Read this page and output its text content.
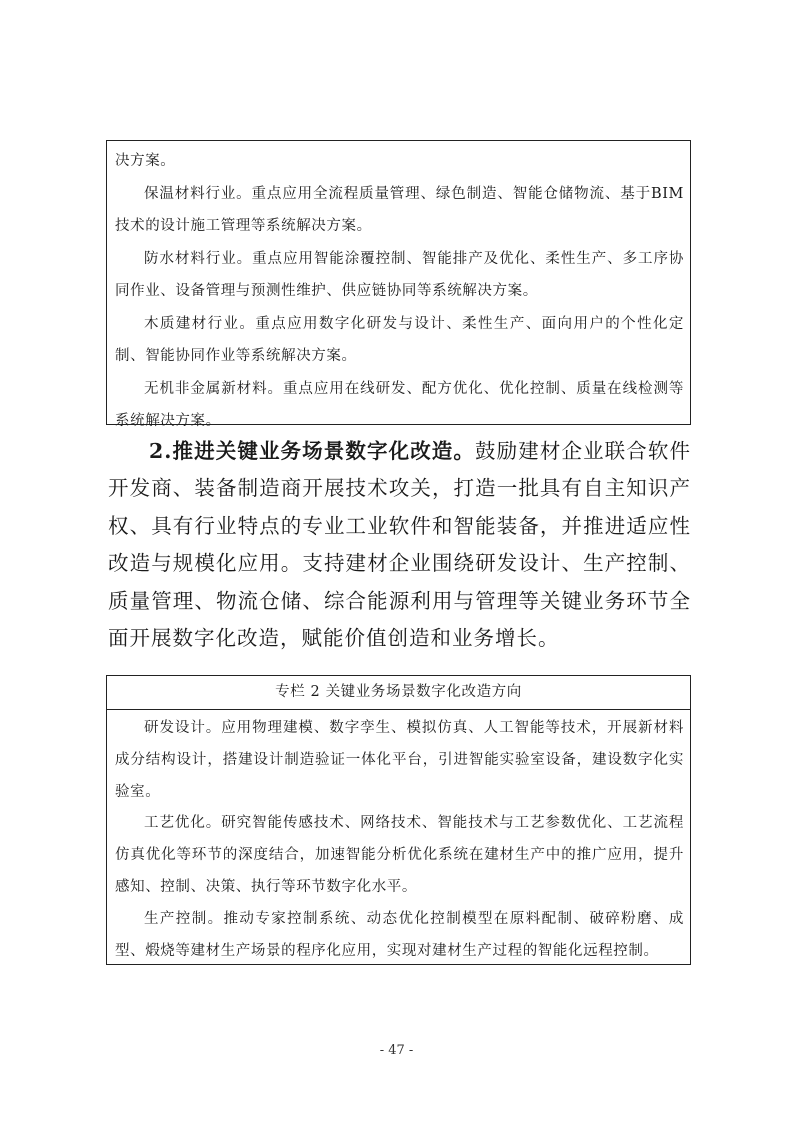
决方案。

保温材料行业。重点应用全流程质量管理、绿色制造、智能仓储物流、基于BIM 技术的设计施工管理等系统解决方案。

防水材料行业。重点应用智能涂覆控制、智能排产及优化、柔性生产、多工序协同作业、设备管理与预测性维护、供应链协同等系统解决方案。

木质建材行业。重点应用数字化研发与设计、柔性生产、面向用户的个性化定制、智能协同作业等系统解决方案。

无机非金属新材料。重点应用在线研发、配方优化、优化控制、质量在线检测等系统解决方案。

2.推进关键业务场景数字化改造。鼓励建材企业联合软件开发商、装备制造商开展技术攻关，打造一批具有自主知识产权、具有行业特点的专业工业软件和智能装备，并推进适应性改造与规模化应用。支持建材企业围绕研发设计、生产控制、质量管理、物流仓储、综合能源利用与管理等关键业务环节全面开展数字化改造，赋能价值创造和业务增长。

专栏 2 关键业务场景数字化改造方向

研发设计。应用物理建模、数字孪生、模拟仿真、人工智能等技术，开展新材料成分结构设计，搭建设计制造验证一体化平台，引进智能实验室设备，建设数字化实验室。

工艺优化。研究智能传感技术、网络技术、智能技术与工艺参数优化、工艺流程仿真优化等环节的深度结合，加速智能分析优化系统在建材生产中的推广应用，提升感知、控制、决策、执行等环节数字化水平。

生产控制。推动专家控制系统、动态优化控制模型在原料配制、破碎粉磨、成型、煅烧等建材生产场景的程序化应用，实现对建材生产过程的智能化远程控制。

- 47 -
